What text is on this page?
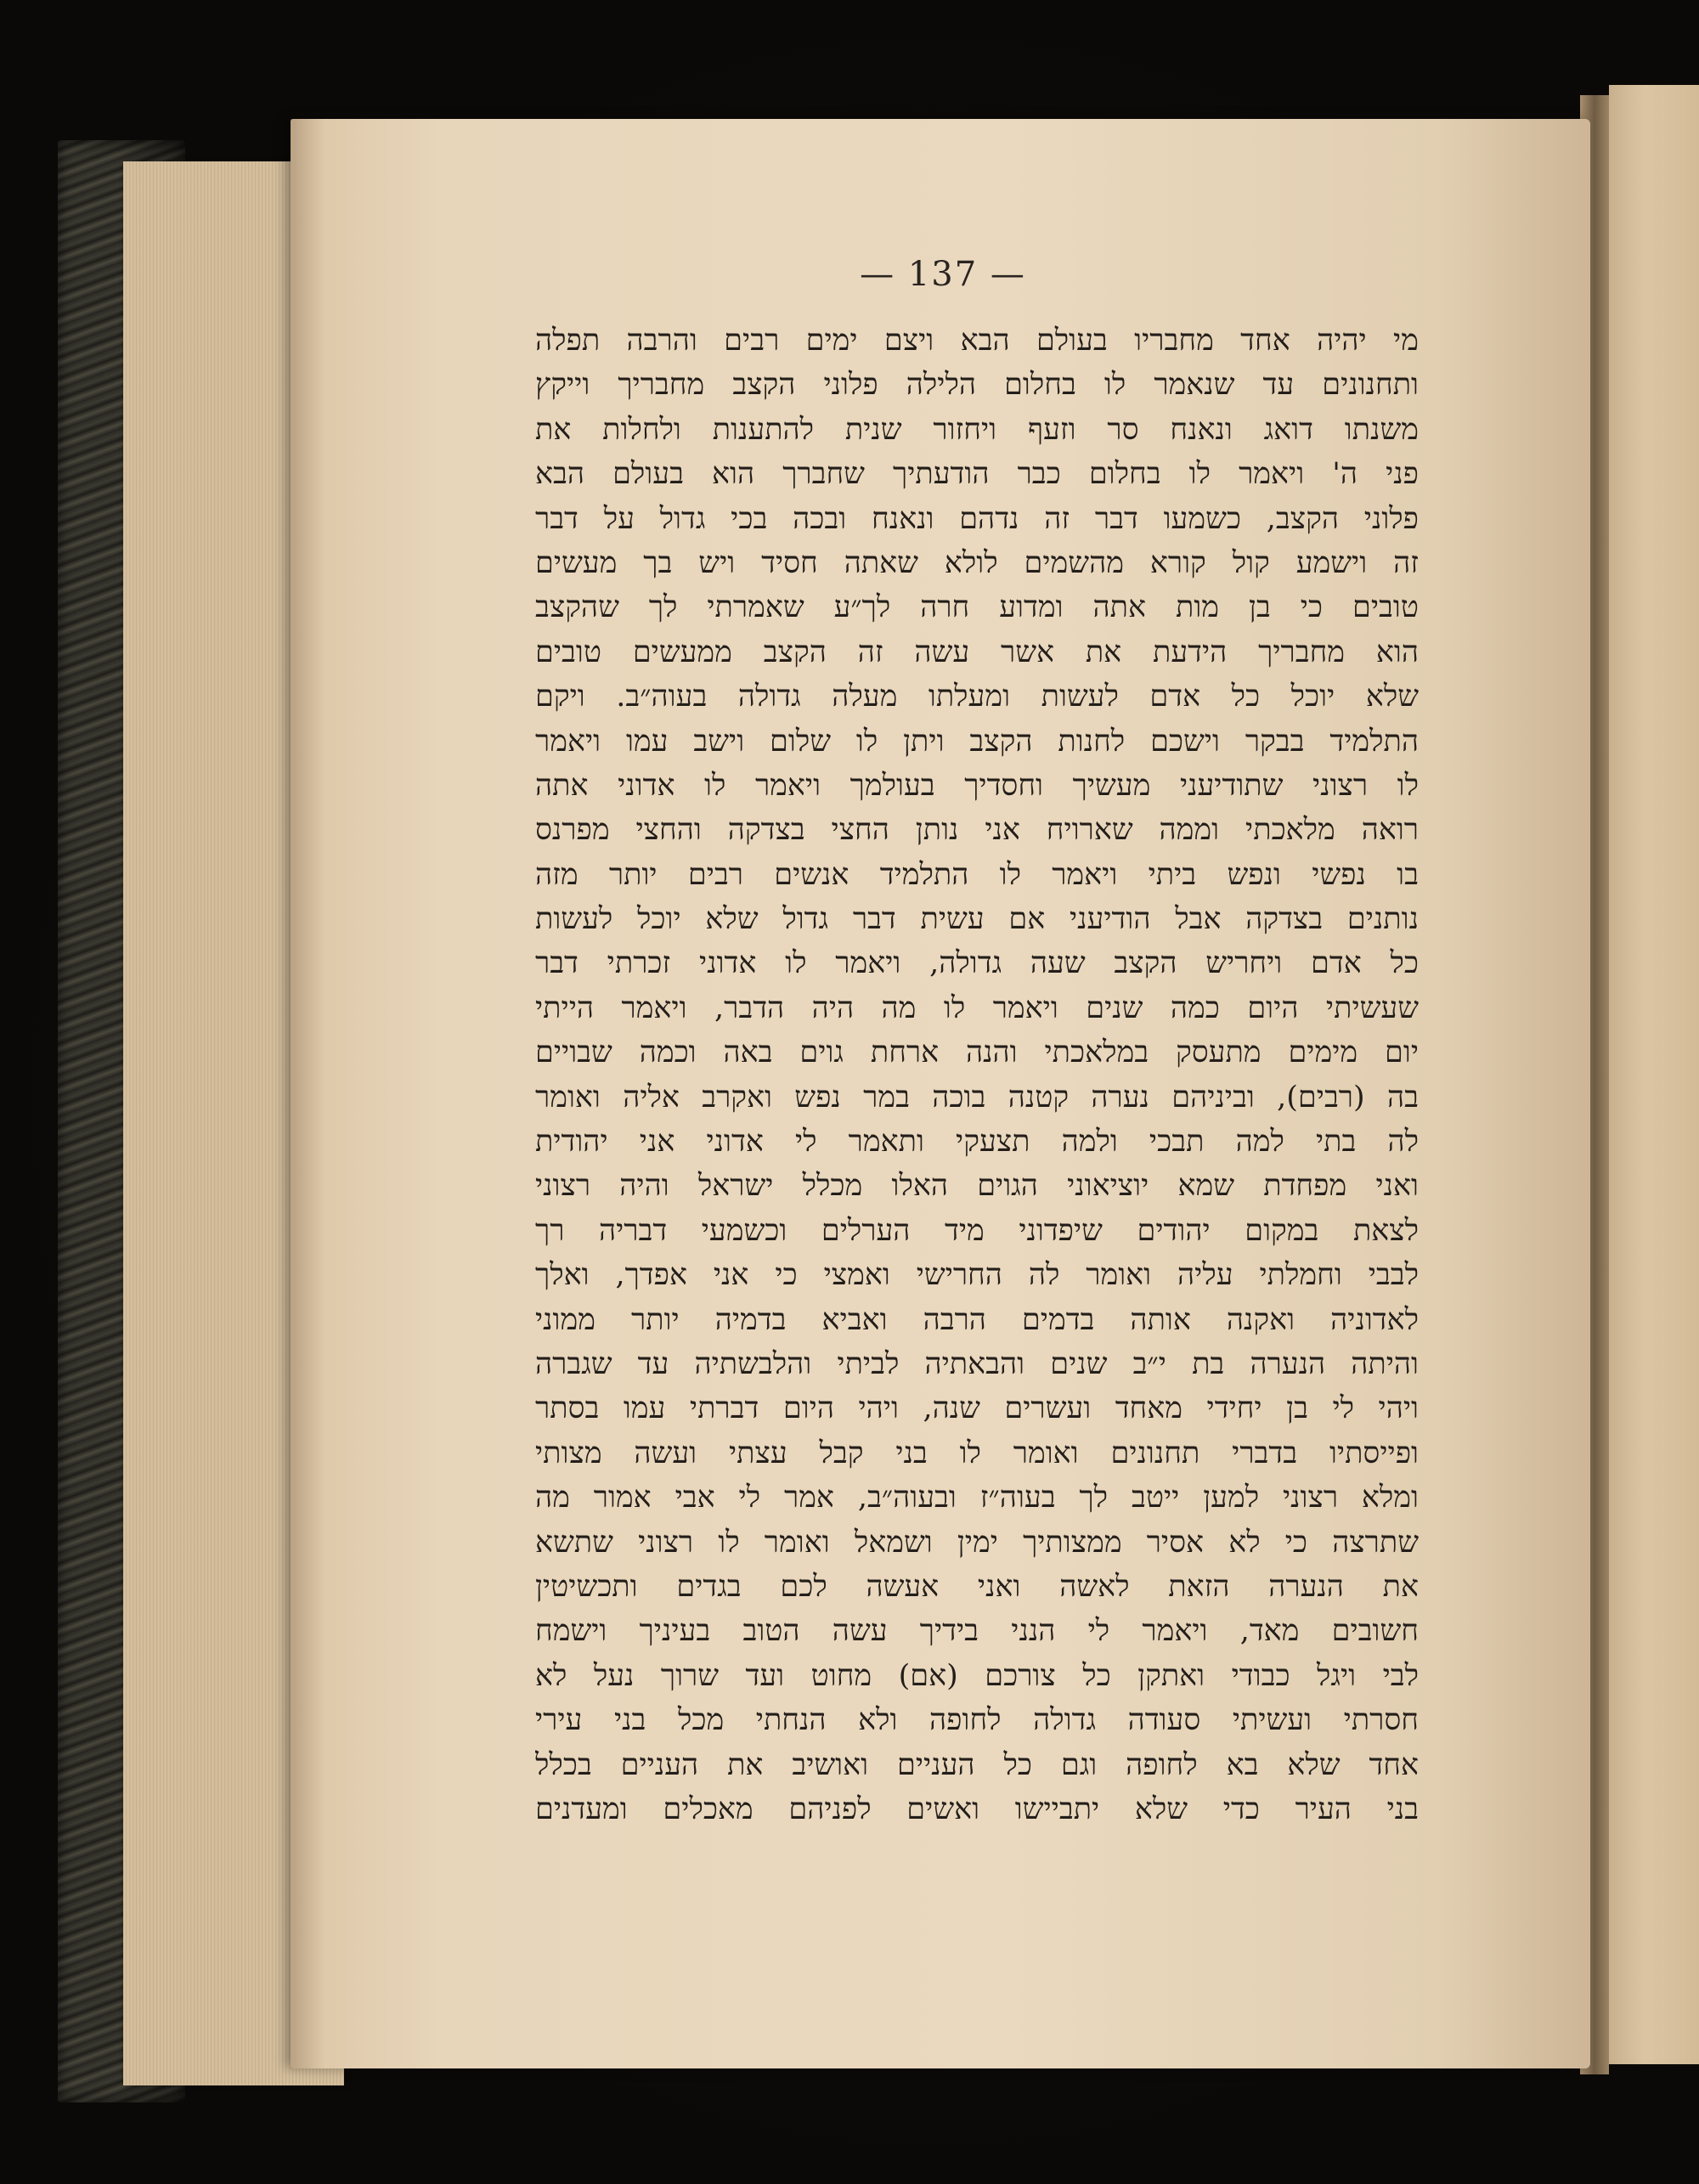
— 137 —
מי יהיה אחד מחבריו בעולם הבא ויצם ימים רבים והרבה תפלה
ותחנונים עד שנאמר לו בחלום הלילה פלוני הקצב מחבריך וייקץ
משנתו דואג ונאנח סר וזעף ויחזור שנית להתענות ולחלות את
פני ה' ויאמר לו בחלום כבר הודעתיך שחברך הוא בעולם הבא
פלוני הקצב, כשמעו דבר זה נדהם ונאנח ובכה בכי גדול על דבר
זה וישמע קול קורא מהשמים לולא שאתה חסיד ויש בך מעשים
טובים כי בן מות אתה ומדוע חרה לך״ע שאמרתי לך שהקצב
הוא מחבריך הידעת את אשר עשה זה הקצב ממעשים טובים
שלא יוכל כל אדם לעשות ומעלתו מעלה גדולה בעוה״ב. ויקם
התלמיד בבקר וישכם לחנות הקצב ויתן לו שלום וישב עמו ויאמר
לו רצוני שתודיעני מעשיך וחסדיך בעולמך ויאמר לו אדוני אתה
רואה מלאכתי וממה שארויח אני נותן החצי בצדקה והחצי מפרנס
בו נפשי ונפש ביתי ויאמר לו התלמיד אנשים רבים יותר מזה
נותנים בצדקה אבל הודיעני אם עשית דבר גדול שלא יוכל לעשות
כל אדם ויחריש הקצב שעה גדולה, ויאמר לו אדוני זכרתי דבר
שעשיתי היום כמה שנים ויאמר לו מה היה הדבר, ויאמר הייתי
יום מימים מתעסק במלאכתי והנה ארחת גוים באה וכמה שבויים
בה (רבים), וביניהם נערה קטנה בוכה במר נפש ואקרב אליה ואומר
לה בתי למה תבכי ולמה תצעקי ותאמר לי אדוני אני יהודית
ואני מפחדת שמא יוציאוני הגוים האלו מכלל ישראל והיה רצוני
לצאת במקום יהודים שיפדוני מיד הערלים וכשמעי דבריה רך
לבבי וחמלתי עליה ואומר לה החרישי ואמצי כי אני אפדך, ואלך
לאדוניה ואקנה אותה בדמים הרבה ואביא בדמיה יותר ממוני
והיתה הנערה בת י״ב שנים והבאתיה לביתי והלבשתיה עד שגברה
ויהי לי בן יחידי מאחד ועשרים שנה, ויהי היום דברתי עמו בסתר
ופייסתיו בדברי תחנונים ואומר לו בני קבל עצתי ועשה מצותי
ומלא רצוני למען ייטב לך בעוה״ז ובעוה״ב, אמר לי אבי אמור מה
שתרצה כי לא אסיר ממצותיך ימין ושמאל ואומר לו רצוני שתשא
את הנערה הזאת לאשה ואני אעשה לכם בגדים ותכשיטין
חשובים מאד, ויאמר לי הנני בידיך עשה הטוב בעיניך וישמח
לבי ויגל כבודי ואתקן כל צורכם (אם) מחוט ועד שרוך נעל לא
חסרתי ועשיתי סעודה גדולה לחופה ולא הנחתי מכל בני עירי
אחד שלא בא לחופה וגם כל העניים ואושיב את העניים בכלל
בני העיר כדי שלא יתביישו ואשים לפניהם מאכלים ומעדנים
